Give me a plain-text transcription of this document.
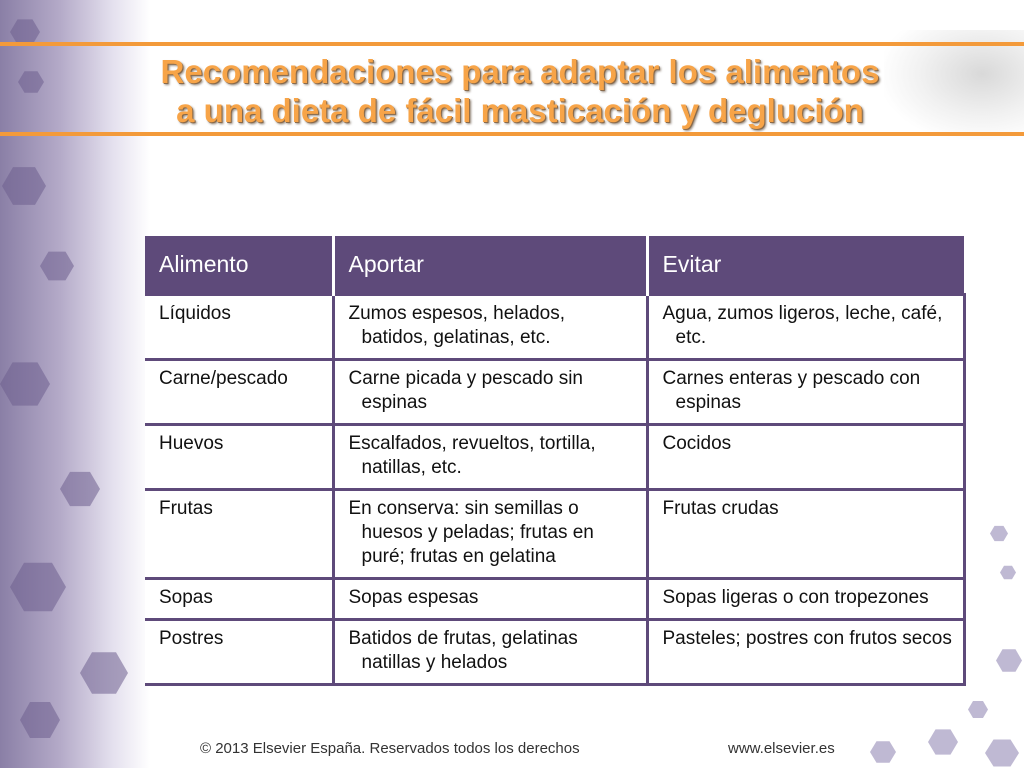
Recomendaciones para adaptar los alimentos
a una dieta de fácil masticación y deglución
Alimento	Aportar	Evitar

Líquidos	Zumos espesos, helados, batidos, gelatinas, etc.	Agua, zumos ligeros, leche, café, etc.

Carne/pescado	Carne picada y pescado sin espinas	Carnes enteras y pescado con espinas

Huevos	Escalfados, revueltos, tortilla, natillas, etc.	Cocidos

Frutas	En conserva: sin semillas o huesos y peladas; frutas en puré; frutas en gelatina	Frutas crudas

Sopas	Sopas espesas	Sopas ligeras o con tropezones

Postres	Batidos de frutas, gelatinas natillas y helados	Pasteles; postres con frutos secos
© 2013 Elsevier España. Reservados todos los derechos	www.elsevier.es
